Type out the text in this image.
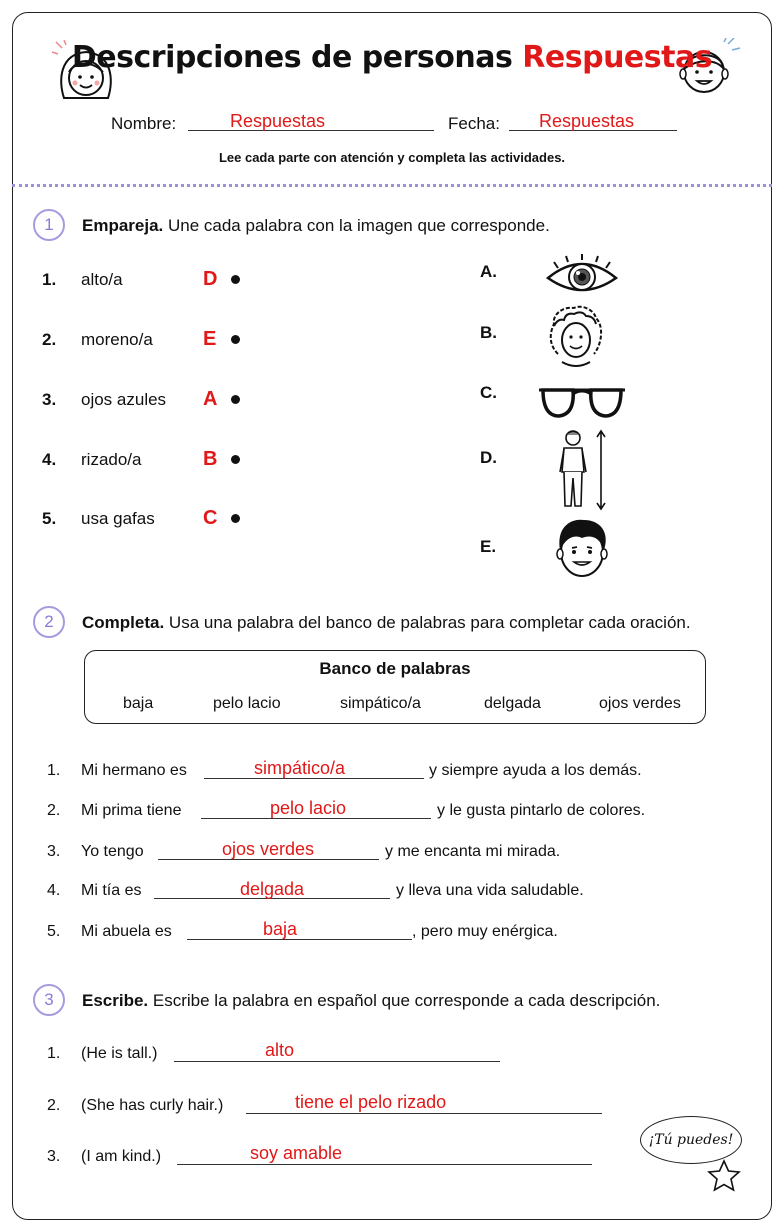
Descripciones de personas Respuestas
Nombre:	Respuestas	Fecha: Respuestas
Lee cada parte con atención y completa las actividades.
1	Empareja. Une cada palabra con la imagen que corresponde.
1. alto/a	D
2. moreno/a	E
3. ojos azules A
4. rizado/a	B
5. usa gafas C
A.
B.
C.
D.
E.
2	Completa. Usa una palabra del banco de palabras para completar cada oración.
Banco de palabras
baja	pelo lacio	simpático/a	delgada	ojos verdes
1. Mi hermano es	simpático/a	y siempre ayuda a los demás.
2. Mi prima tiene	pelo lacio	y le gusta pintarlo de colores.
3. Yo tengo	ojos verdes	y me encanta mi mirada.
4. Mi tía es	delgada	y lleva una vida saludable.
5. Mi abuela es	baja	, pero muy enérgica.
3	Escribe. Escribe la palabra en español que corresponde a cada descripción.
1. (He is tall.)	alto
2. (She has curly hair.)	tiene el pelo rizado
3. (I am kind.)	soy amable
¡Tú puedes!
